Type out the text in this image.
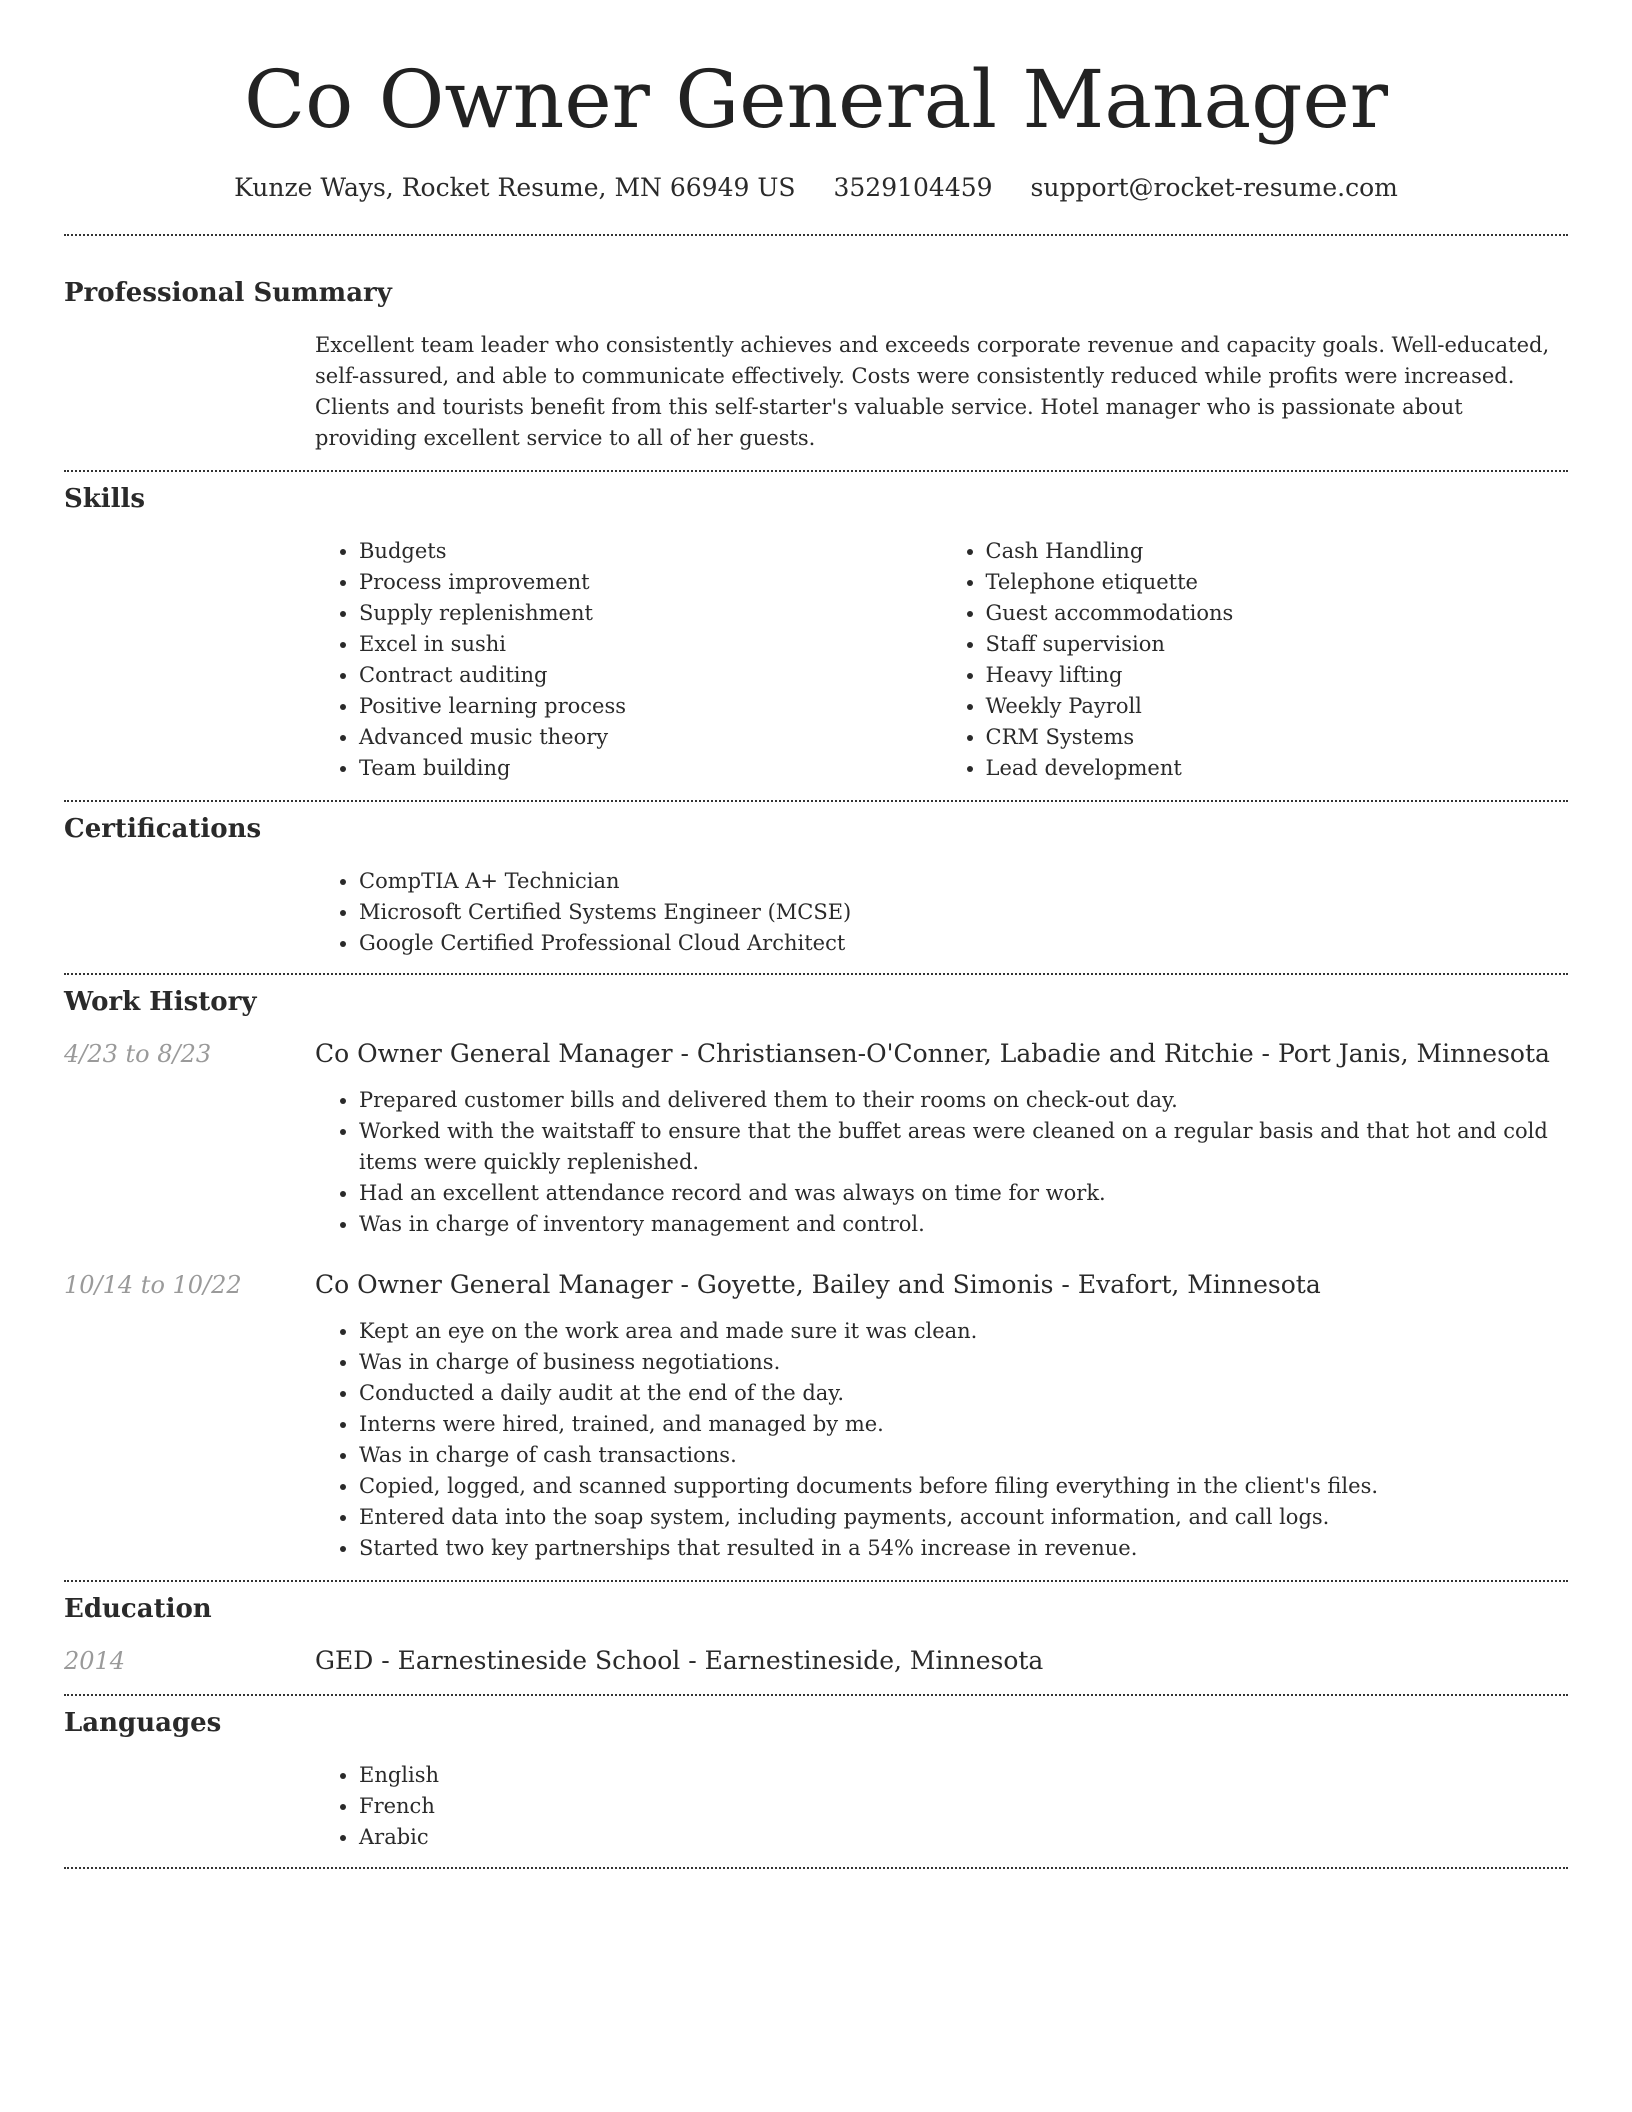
Co Owner General Manager
Kunze Ways, Rocket Resume, MN 66949 US 3529104459 support@rocket-resume.com
Professional Summary

Excellent team leader who consistently achieves and exceeds corporate revenue and capacity goals. Well-educated, self-assured, and able to communicate effectively. Costs were consistently reduced while profits were increased. Clients and tourists benefit from this self-starter's valuable service. Hotel manager who is passionate about providing excellent service to all of her guests.

Skills
• Budgets
• Process improvement
• Supply replenishment
• Excel in sushi
• Contract auditing
• Positive learning process
• Advanced music theory
• Team building
• Cash Handling
• Telephone etiquette
• Guest accommodations
• Staff supervision
• Heavy lifting
• Weekly Payroll
• CRM Systems
• Lead development
Certifications
• CompTIA A+ Technician
• Microsoft Certified Systems Engineer (MCSE)
• Google Certified Professional Cloud Architect
Work History
4/23 to 8/23	Co Owner General Manager - Christiansen-O'Conner, Labadie and Ritchie - Port Janis, Minnesota
• Prepared customer bills and delivered them to their rooms on check-out day.
• Worked with the waitstaff to ensure that the buffet areas were cleaned on a regular basis and that hot and cold items were quickly replenished.
• Had an excellent attendance record and was always on time for work.
• Was in charge of inventory management and control.
10/14 to 10/22	Co Owner General Manager - Goyette, Bailey and Simonis - Evafort, Minnesota
• Kept an eye on the work area and made sure it was clean.
• Was in charge of business negotiations.
• Conducted a daily audit at the end of the day.
• Interns were hired, trained, and managed by me.
• Was in charge of cash transactions.
• Copied, logged, and scanned supporting documents before filing everything in the client's files.
• Entered data into the soap system, including payments, account information, and call logs.
• Started two key partnerships that resulted in a 54% increase in revenue.
Education
2014	GED - Earnestineside School - Earnestineside, Minnesota
Languages
• English
• French
• Arabic
